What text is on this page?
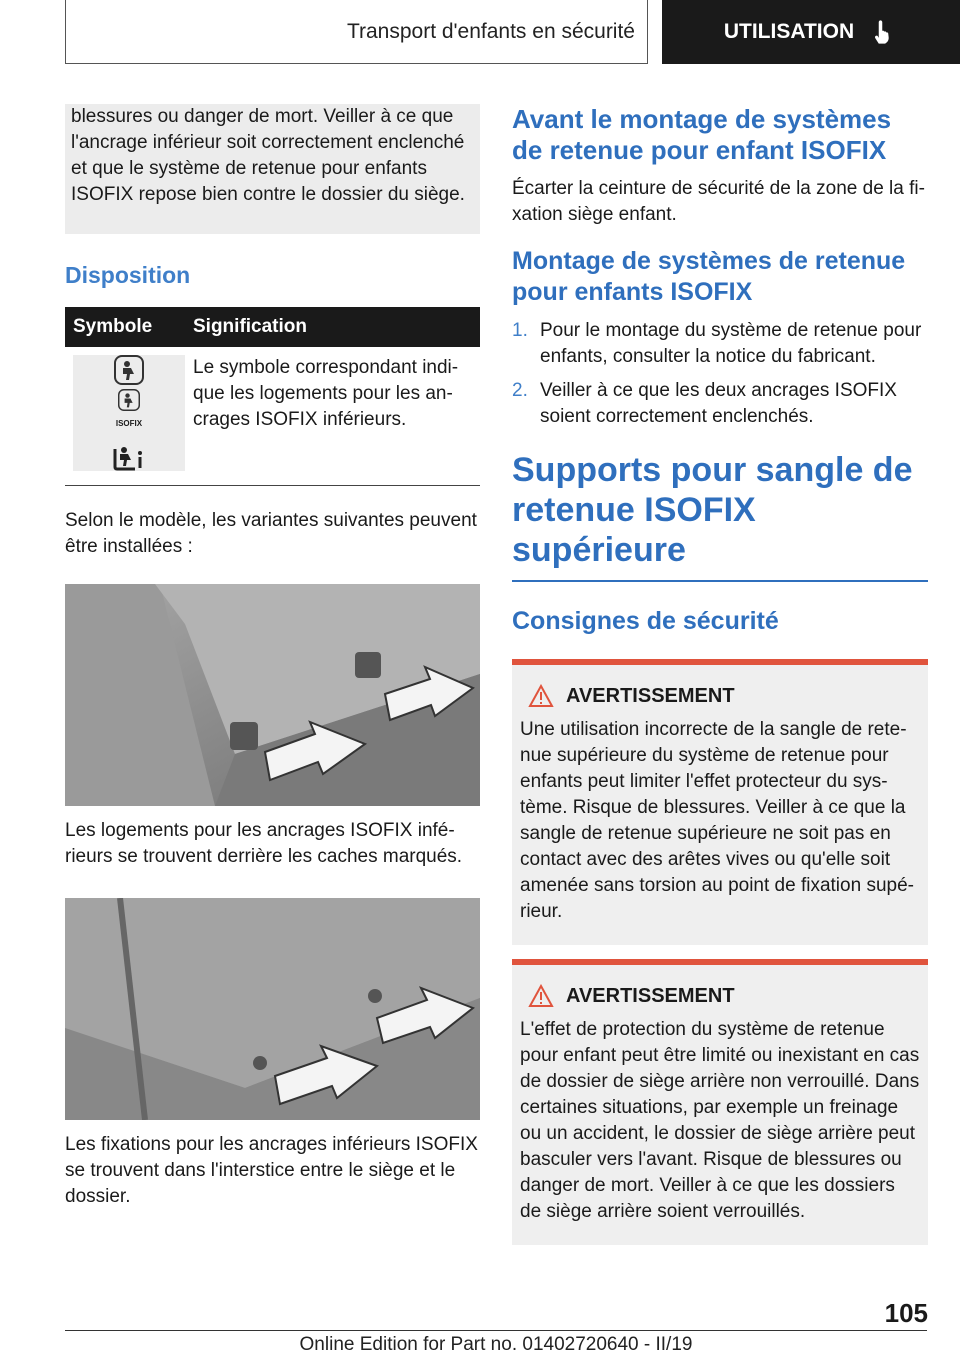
Transport d'enfants en sécurité	UTILISATION

blessures ou danger de mort. Veiller à ce que l'ancrage inférieur soit correctement enclenché et que le système de retenue pour enfants ISOFIX repose bien contre le dossier du siège.

Disposition
Symbole	Signification

ISOFIX	Le symbole correspondant indi-que les logements pour les an-crages ISOFIX inférieurs.

Selon le modèle, les variantes suivantes peuvent être installées :

Les logements pour les ancrages ISOFIX infé-rieurs se trouvent derrière les caches marqués.

Les fixations pour les ancrages inférieurs ISOFIX se trouvent dans l'interstice entre le siège et le dossier.

Avant le montage de systèmes de retenue pour enfant ISOFIX

Écarter la ceinture de sécurité de la zone de la fi-xation siège enfant.

Montage de systèmes de retenue pour enfants ISOFIX
1. Pour le montage du système de retenue pour enfants, consulter la notice du fabricant.
2. Veiller à ce que les deux ancrages ISOFIX soient correctement enclenchés.
Supports pour sangle de retenue ISOFIX supérieure
Consignes de sécurité
AVERTISSEMENT
Une utilisation incorrecte de la sangle de rete-nue supérieure du système de retenue pour enfants peut limiter l'effet protecteur du sys-tème. Risque de blessures. Veiller à ce que la sangle de retenue supérieure ne soit pas en contact avec des arêtes vives ou qu'elle soit amenée sans torsion au point de fixation supé-rieur.
AVERTISSEMENT
L'effet de protection du système de retenue pour enfant peut être limité ou inexistant en cas de dossier de siège arrière non verrouillé. Dans certaines situations, par exemple un freinage ou un accident, le dossier de siège arrière peut basculer vers l'avant. Risque de blessures ou danger de mort. Veiller à ce que les dossiers de siège arrière soient verrouillés.
105
Online Edition for Part no. 01402720640 - II/19
